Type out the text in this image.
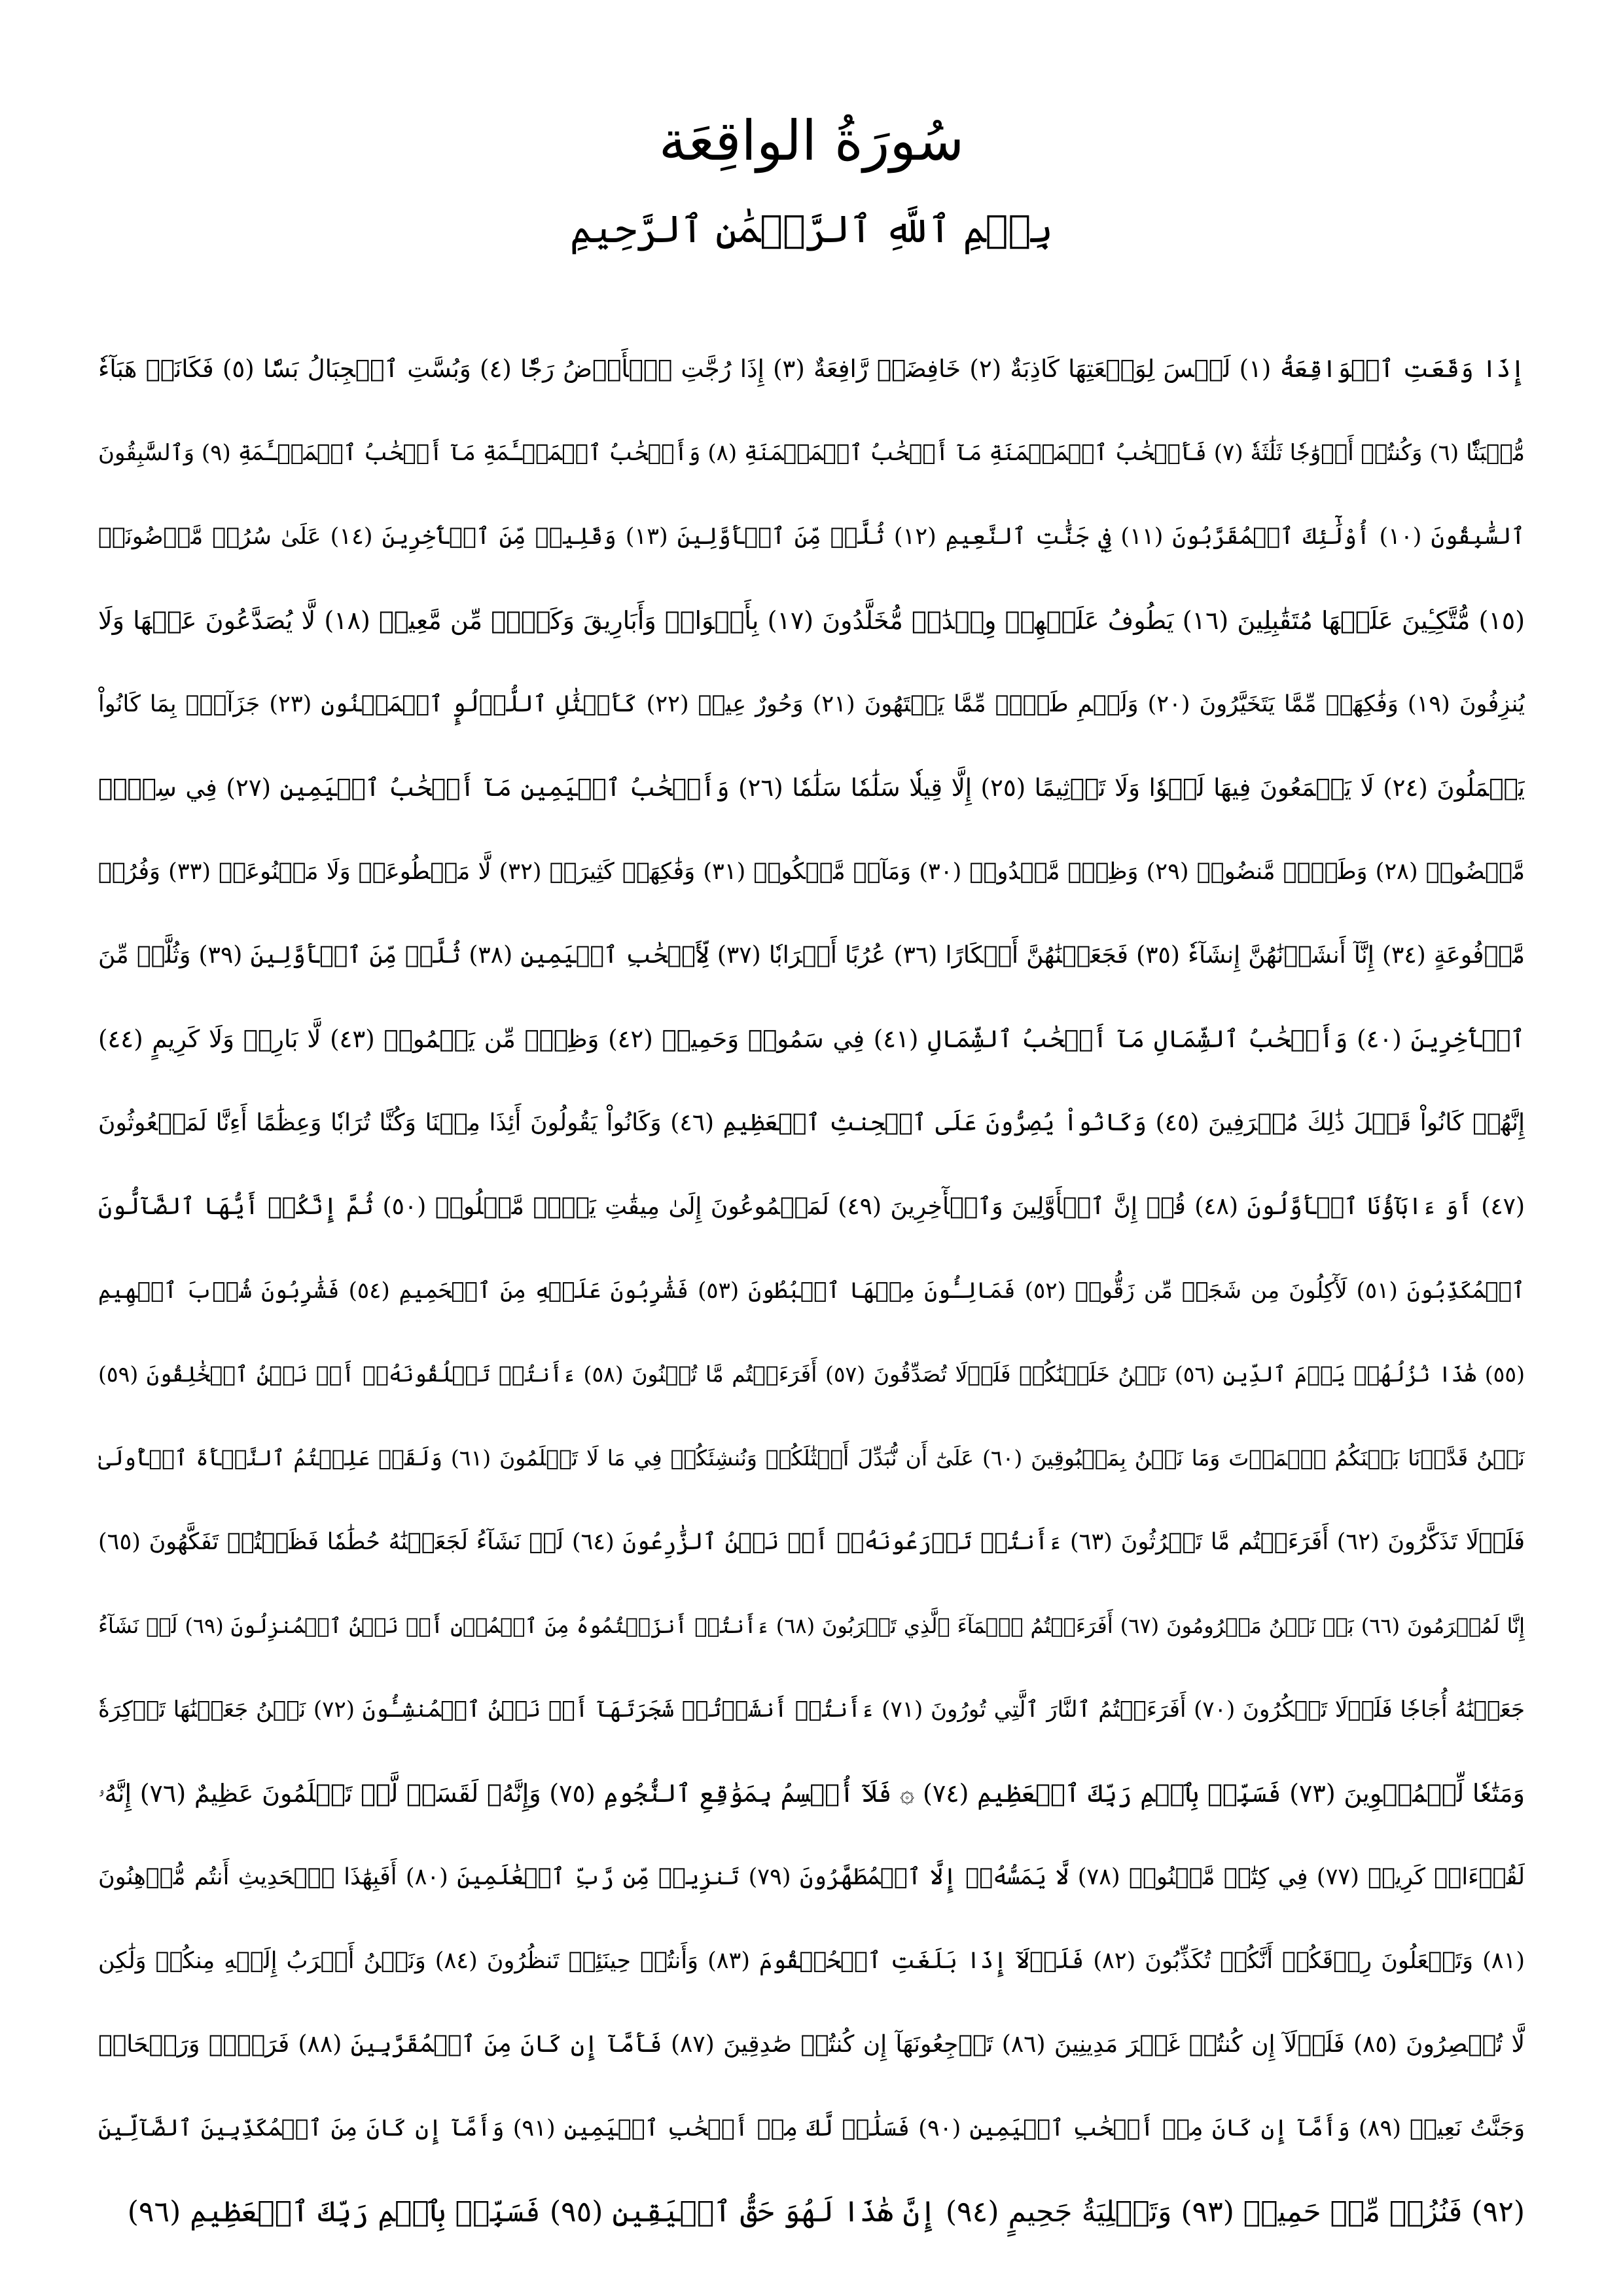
سُورَةُ الواقِعَة
بِسۡمِ ٱللَّهِ ٱلرَّحۡمَٰنِ ٱلرَّحِيمِ
إِذَا وَقَعَتِ ٱلۡوَاقِعَةُ (١) لَيۡسَ لِوَقۡعَتِهَا كَاذِبَةٌ (٢) خَافِضَةٞ رَّافِعَةٌ (٣) إِذَا رُجَّتِ ٱلۡأَرۡضُ رَجّٗا (٤) وَبُسَّتِ ٱلۡجِبَالُ بَسّٗا (٥) فَكَانَتۡ هَبَآءٗ
مُّنۢبَثّٗا (٦) وَكُنتُمۡ أَزۡوَٰجٗا ثَلَٰثَةٗ (٧) فَأَصۡحَٰبُ ٱلۡمَيۡمَنَةِ مَآ أَصۡحَٰبُ ٱلۡمَيۡمَنَةِ (٨) وَأَصۡحَٰبُ ٱلۡمَشۡـَٔمَةِ مَآ أَصۡحَٰبُ ٱلۡمَشۡـَٔمَةِ (٩) وَٱلسَّٰبِقُونَ
ٱلسَّٰبِقُونَ (١٠) أُوْلَٰٓئِكَ ٱلۡمُقَرَّبُونَ (١١) فِي جَنَّٰتِ ٱلنَّعِيمِ (١٢) ثُلَّةٞ مِّنَ ٱلۡأَوَّلِينَ (١٣) وَقَلِيلٞ مِّنَ ٱلۡأٓخِرِينَ (١٤) عَلَىٰ سُرُرٖ مَّوۡضُونَةٖ
(١٥) مُّتَّكِـِٔينَ عَلَيۡهَا مُتَقَٰبِلِينَ (١٦) يَطُوفُ عَلَيۡهِمۡ وِلۡدَٰنٞ مُّخَلَّدُونَ (١٧) بِأَكۡوَابٖ وَأَبَارِيقَ وَكَأۡسٖ مِّن مَّعِينٖ (١٨) لَّا يُصَدَّعُونَ عَنۡهَا وَلَا
يُنزِفُونَ (١٩) وَفَٰكِهَةٖ مِّمَّا يَتَخَيَّرُونَ (٢٠) وَلَحۡمِ طَيۡرٖ مِّمَّا يَشۡتَهُونَ (٢١) وَحُورٌ عِينٞ (٢٢) كَأَمۡثَٰلِ ٱللُّؤۡلُوِٕ ٱلۡمَكۡنُونِ (٢٣) جَزَآءَۢ بِمَا كَانُواْ
يَعۡمَلُونَ (٢٤) لَا يَسۡمَعُونَ فِيهَا لَغۡوٗا وَلَا تَأۡثِيمًا (٢٥) إِلَّا قِيلٗا سَلَٰمٗا سَلَٰمٗا (٢٦) وَأَصۡحَٰبُ ٱلۡيَمِينِ مَآ أَصۡحَٰبُ ٱلۡيَمِينِ (٢٧) فِي سِدۡرٖ
مَّخۡضُودٖ (٢٨) وَطَلۡحٖ مَّنضُودٖ (٢٩) وَظِلّٖ مَّمۡدُودٖ (٣٠) وَمَآءٖ مَّسۡكُوبٖ (٣١) وَفَٰكِهَةٖ كَثِيرَةٖ (٣٢) لَّا مَقۡطُوعَةٖ وَلَا مَمۡنُوعَةٖ (٣٣) وَفُرُشٖ
مَّرۡفُوعَةٍ (٣٤) إِنَّآ أَنشَأۡنَٰهُنَّ إِنشَآءٗ (٣٥) فَجَعَلۡنَٰهُنَّ أَبۡكَارًا (٣٦) عُرُبًا أَتۡرَابٗا (٣٧) لِّأَصۡحَٰبِ ٱلۡيَمِينِ (٣٨) ثُلَّةٞ مِّنَ ٱلۡأَوَّلِينَ (٣٩) وَثُلَّةٞ مِّنَ
ٱلۡأٓخِرِينَ (٤٠) وَأَصۡحَٰبُ ٱلشِّمَالِ مَآ أَصۡحَٰبُ ٱلشِّمَالِ (٤١) فِي سَمُومٖ وَحَمِيمٖ (٤٢) وَظِلّٖ مِّن يَحۡمُومٖ (٤٣) لَّا بَارِدٖ وَلَا كَرِيمٍ (٤٤)
إِنَّهُمۡ كَانُواْ قَبۡلَ ذَٰلِكَ مُتۡرَفِينَ (٤٥) وَكَانُواْ يُصِرُّونَ عَلَى ٱلۡحِنثِ ٱلۡعَظِيمِ (٤٦) وَكَانُواْ يَقُولُونَ أَئِذَا مِتۡنَا وَكُنَّا تُرَابٗا وَعِظَٰمًا أَءِنَّا لَمَبۡعُوثُونَ
(٤٧) أَوَ ءَابَآؤُنَا ٱلۡأَوَّلُونَ (٤٨) قُلۡ إِنَّ ٱلۡأَوَّلِينَ وَٱلۡأٓخِرِينَ (٤٩) لَمَجۡمُوعُونَ إِلَىٰ مِيقَٰتِ يَوۡمٖ مَّعۡلُومٖ (٥٠) ثُمَّ إِنَّكُمۡ أَيُّهَا ٱلضَّآلُّونَ
ٱلۡمُكَذِّبُونَ (٥١) لَأٓكِلُونَ مِن شَجَرٖ مِّن زَقُّومٖ (٥٢) فَمَالِـُٔونَ مِنۡهَا ٱلۡبُطُونَ (٥٣) فَشَٰرِبُونَ عَلَيۡهِ مِنَ ٱلۡحَمِيمِ (٥٤) فَشَٰرِبُونَ شُرۡبَ ٱلۡهِيمِ
(٥٥) هَٰذَا نُزُلُهُمۡ يَوۡمَ ٱلدِّينِ (٥٦) نَحۡنُ خَلَقۡنَٰكُمۡ فَلَوۡلَا تُصَدِّقُونَ (٥٧) أَفَرَءَيۡتُم مَّا تُمۡنُونَ (٥٨) ءَأَنتُمۡ تَخۡلُقُونَهُۥٓ أَمۡ نَحۡنُ ٱلۡخَٰلِقُونَ (٥٩)
نَحۡنُ قَدَّرۡنَا بَيۡنَكُمُ ٱلۡمَوۡتَ وَمَا نَحۡنُ بِمَسۡبُوقِينَ (٦٠) عَلَىٰٓ أَن نُّبَدِّلَ أَمۡثَٰلَكُمۡ وَنُنشِئَكُمۡ فِي مَا لَا تَعۡلَمُونَ (٦١) وَلَقَدۡ عَلِمۡتُمُ ٱلنَّشۡأَةَ ٱلۡأُولَىٰ
فَلَوۡلَا تَذَكَّرُونَ (٦٢) أَفَرَءَيۡتُم مَّا تَحۡرُثُونَ (٦٣) ءَأَنتُمۡ تَزۡرَعُونَهُۥٓ أَمۡ نَحۡنُ ٱلزَّٰرِعُونَ (٦٤) لَوۡ نَشَآءُ لَجَعَلۡنَٰهُ حُطَٰمٗا فَظَلۡتُمۡ تَفَكَّهُونَ (٦٥)
إِنَّا لَمُغۡرَمُونَ (٦٦) بَلۡ نَحۡنُ مَحۡرُومُونَ (٦٧) أَفَرَءَيۡتُمُ ٱلۡمَآءَ ٱلَّذِي تَشۡرَبُونَ (٦٨) ءَأَنتُمۡ أَنزَلۡتُمُوهُ مِنَ ٱلۡمُزۡنِ أَمۡ نَحۡنُ ٱلۡمُنزِلُونَ (٦٩) لَوۡ نَشَآءُ
جَعَلۡنَٰهُ أُجَاجٗا فَلَوۡلَا تَشۡكُرُونَ (٧٠) أَفَرَءَيۡتُمُ ٱلنَّارَ ٱلَّتِي تُورُونَ (٧١) ءَأَنتُمۡ أَنشَأۡتُمۡ شَجَرَتَهَآ أَمۡ نَحۡنُ ٱلۡمُنشِـُٔونَ (٧٢) نَحۡنُ جَعَلۡنَٰهَا تَذۡكِرَةٗ
وَمَتَٰعٗا لِّلۡمُقۡوِينَ (٧٣) فَسَبِّحۡ بِٱسۡمِ رَبِّكَ ٱلۡعَظِيمِ (٧٤) ۞ فَلَآ أُقۡسِمُ بِمَوَٰقِعِ ٱلنُّجُومِ (٧٥) وَإِنَّهُۥ لَقَسَمٞ لَّوۡ تَعۡلَمُونَ عَظِيمٌ (٧٦) إِنَّهُۥ
لَقُرۡءَانٞ كَرِيمٞ (٧٧) فِي كِتَٰبٖ مَّكۡنُونٖ (٧٨) لَّا يَمَسُّهُۥٓ إِلَّا ٱلۡمُطَهَّرُونَ (٧٩) تَنزِيلٞ مِّن رَّبِّ ٱلۡعَٰلَمِينَ (٨٠) أَفَبِهَٰذَا ٱلۡحَدِيثِ أَنتُم مُّدۡهِنُونَ
(٨١) وَتَجۡعَلُونَ رِزۡقَكُمۡ أَنَّكُمۡ تُكَذِّبُونَ (٨٢) فَلَوۡلَآ إِذَا بَلَغَتِ ٱلۡحُلۡقُومَ (٨٣) وَأَنتُمۡ حِينَئِذٖ تَنظُرُونَ (٨٤) وَنَحۡنُ أَقۡرَبُ إِلَيۡهِ مِنكُمۡ وَلَٰكِن
لَّا تُبۡصِرُونَ (٨٥) فَلَوۡلَآ إِن كُنتُمۡ غَيۡرَ مَدِينِينَ (٨٦) تَرۡجِعُونَهَآ إِن كُنتُمۡ صَٰدِقِينَ (٨٧) فَأَمَّآ إِن كَانَ مِنَ ٱلۡمُقَرَّبِينَ (٨٨) فَرَوۡحٞ وَرَيۡحَانٞ
وَجَنَّتُ نَعِيمٖ (٨٩) وَأَمَّآ إِن كَانَ مِنۡ أَصۡحَٰبِ ٱلۡيَمِينِ (٩٠) فَسَلَٰمٞ لَّكَ مِنۡ أَصۡحَٰبِ ٱلۡيَمِينِ (٩١) وَأَمَّآ إِن كَانَ مِنَ ٱلۡمُكَذِّبِينَ ٱلضَّآلِّينَ
(٩٢) فَنُزُلٞ مِّنۡ حَمِيمٖ (٩٣) وَتَصۡلِيَةُ جَحِيمٍ (٩٤) إِنَّ هَٰذَا لَهُوَ حَقُّ ٱلۡيَقِينِ (٩٥) فَسَبِّحۡ بِٱسۡمِ رَبِّكَ ٱلۡعَظِيمِ (٩٦)
